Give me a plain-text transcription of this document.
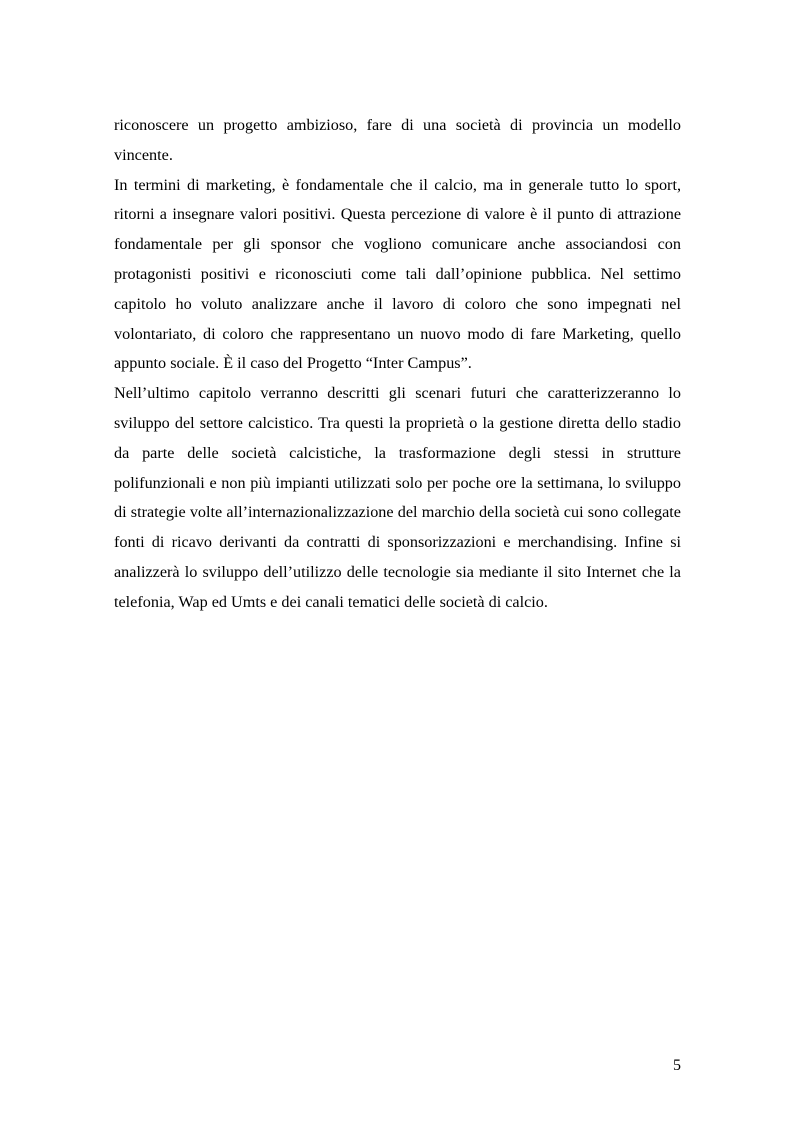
riconoscere un progetto ambizioso, fare di una società di provincia un modello vincente.

In termini di marketing, è fondamentale che il calcio, ma in generale tutto lo sport, ritorni a insegnare valori positivi. Questa percezione di valore è il punto di attrazione fondamentale per gli sponsor che vogliono comunicare anche associandosi con protagonisti positivi e riconosciuti come tali dall’opinione pubblica. Nel settimo capitolo ho voluto analizzare anche il lavoro di coloro che sono impegnati nel volontariato, di coloro che rappresentano un nuovo modo di fare Marketing, quello appunto sociale. È il caso del Progetto “Inter Campus”.

Nell’ultimo capitolo verranno descritti gli scenari futuri che caratterizzeranno lo sviluppo del settore calcistico. Tra questi la proprietà o la gestione diretta dello stadio da parte delle società calcistiche, la trasformazione degli stessi in strutture polifunzionali e non più impianti utilizzati solo per poche ore la settimana, lo sviluppo di strategie volte all’internazionalizzazione del marchio della società cui sono collegate fonti di ricavo derivanti da contratti di sponsorizzazioni e merchandising. Infine si analizzerà lo sviluppo dell’utilizzo delle tecnologie sia mediante il sito Internet che la telefonia, Wap ed Umts e dei canali tematici delle società di calcio.

5
